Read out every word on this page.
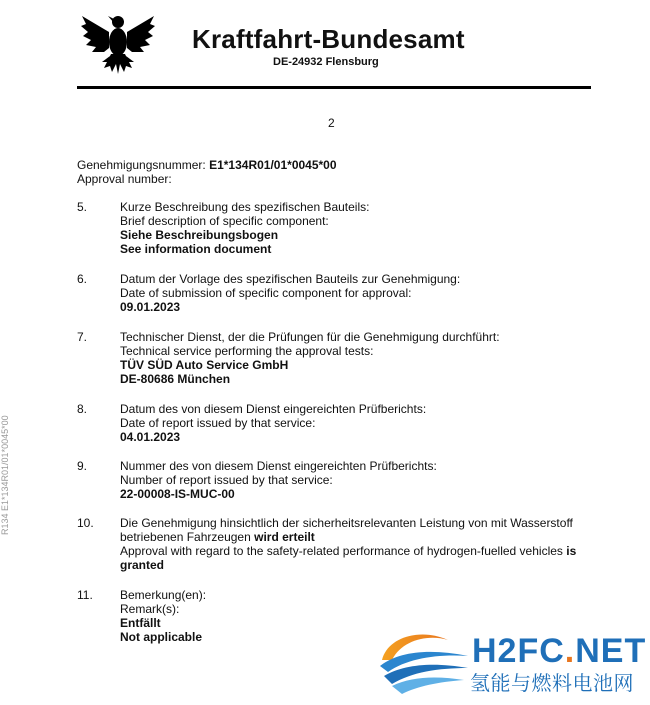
Kraftfahrt-Bundesamt
DE-24932 Flensburg
2
Genehmigungsnummer: E1*134R01/01*0045*00
Approval number:
5.	Kurze Beschreibung des spezifischen Bauteils:
Brief description of specific component:
Siehe Beschreibungsbogen
See information document
6.	Datum der Vorlage des spezifischen Bauteils zur Genehmigung:
Date of submission of specific component for approval:
09.01.2023
7.	Technischer Dienst, der die Prüfungen für die Genehmigung durchführt:
Technical service performing the approval tests:
TÜV SÜD Auto Service GmbH
DE-80686 München
8.	Datum des von diesem Dienst eingereichten Prüfberichts:
Date of report issued by that service:
04.01.2023
9.	Nummer des von diesem Dienst eingereichten Prüfberichts:
Number of report issued by that service:
22-00008-IS-MUC-00
10. Die Genehmigung hinsichtlich der sicherheitsrelevanten Leistung von mit Wasserstoff
betriebenen Fahrzeugen wird erteilt
Approval with regard to the safety-related performance of hydrogen-fuelled vehicles is
granted
11. Bemerkung(en):
Remark(s):
Entfällt
Not applicable
R134 E1*134R01/01*0045*00
H2FC.NET
氢能与燃料电池网
